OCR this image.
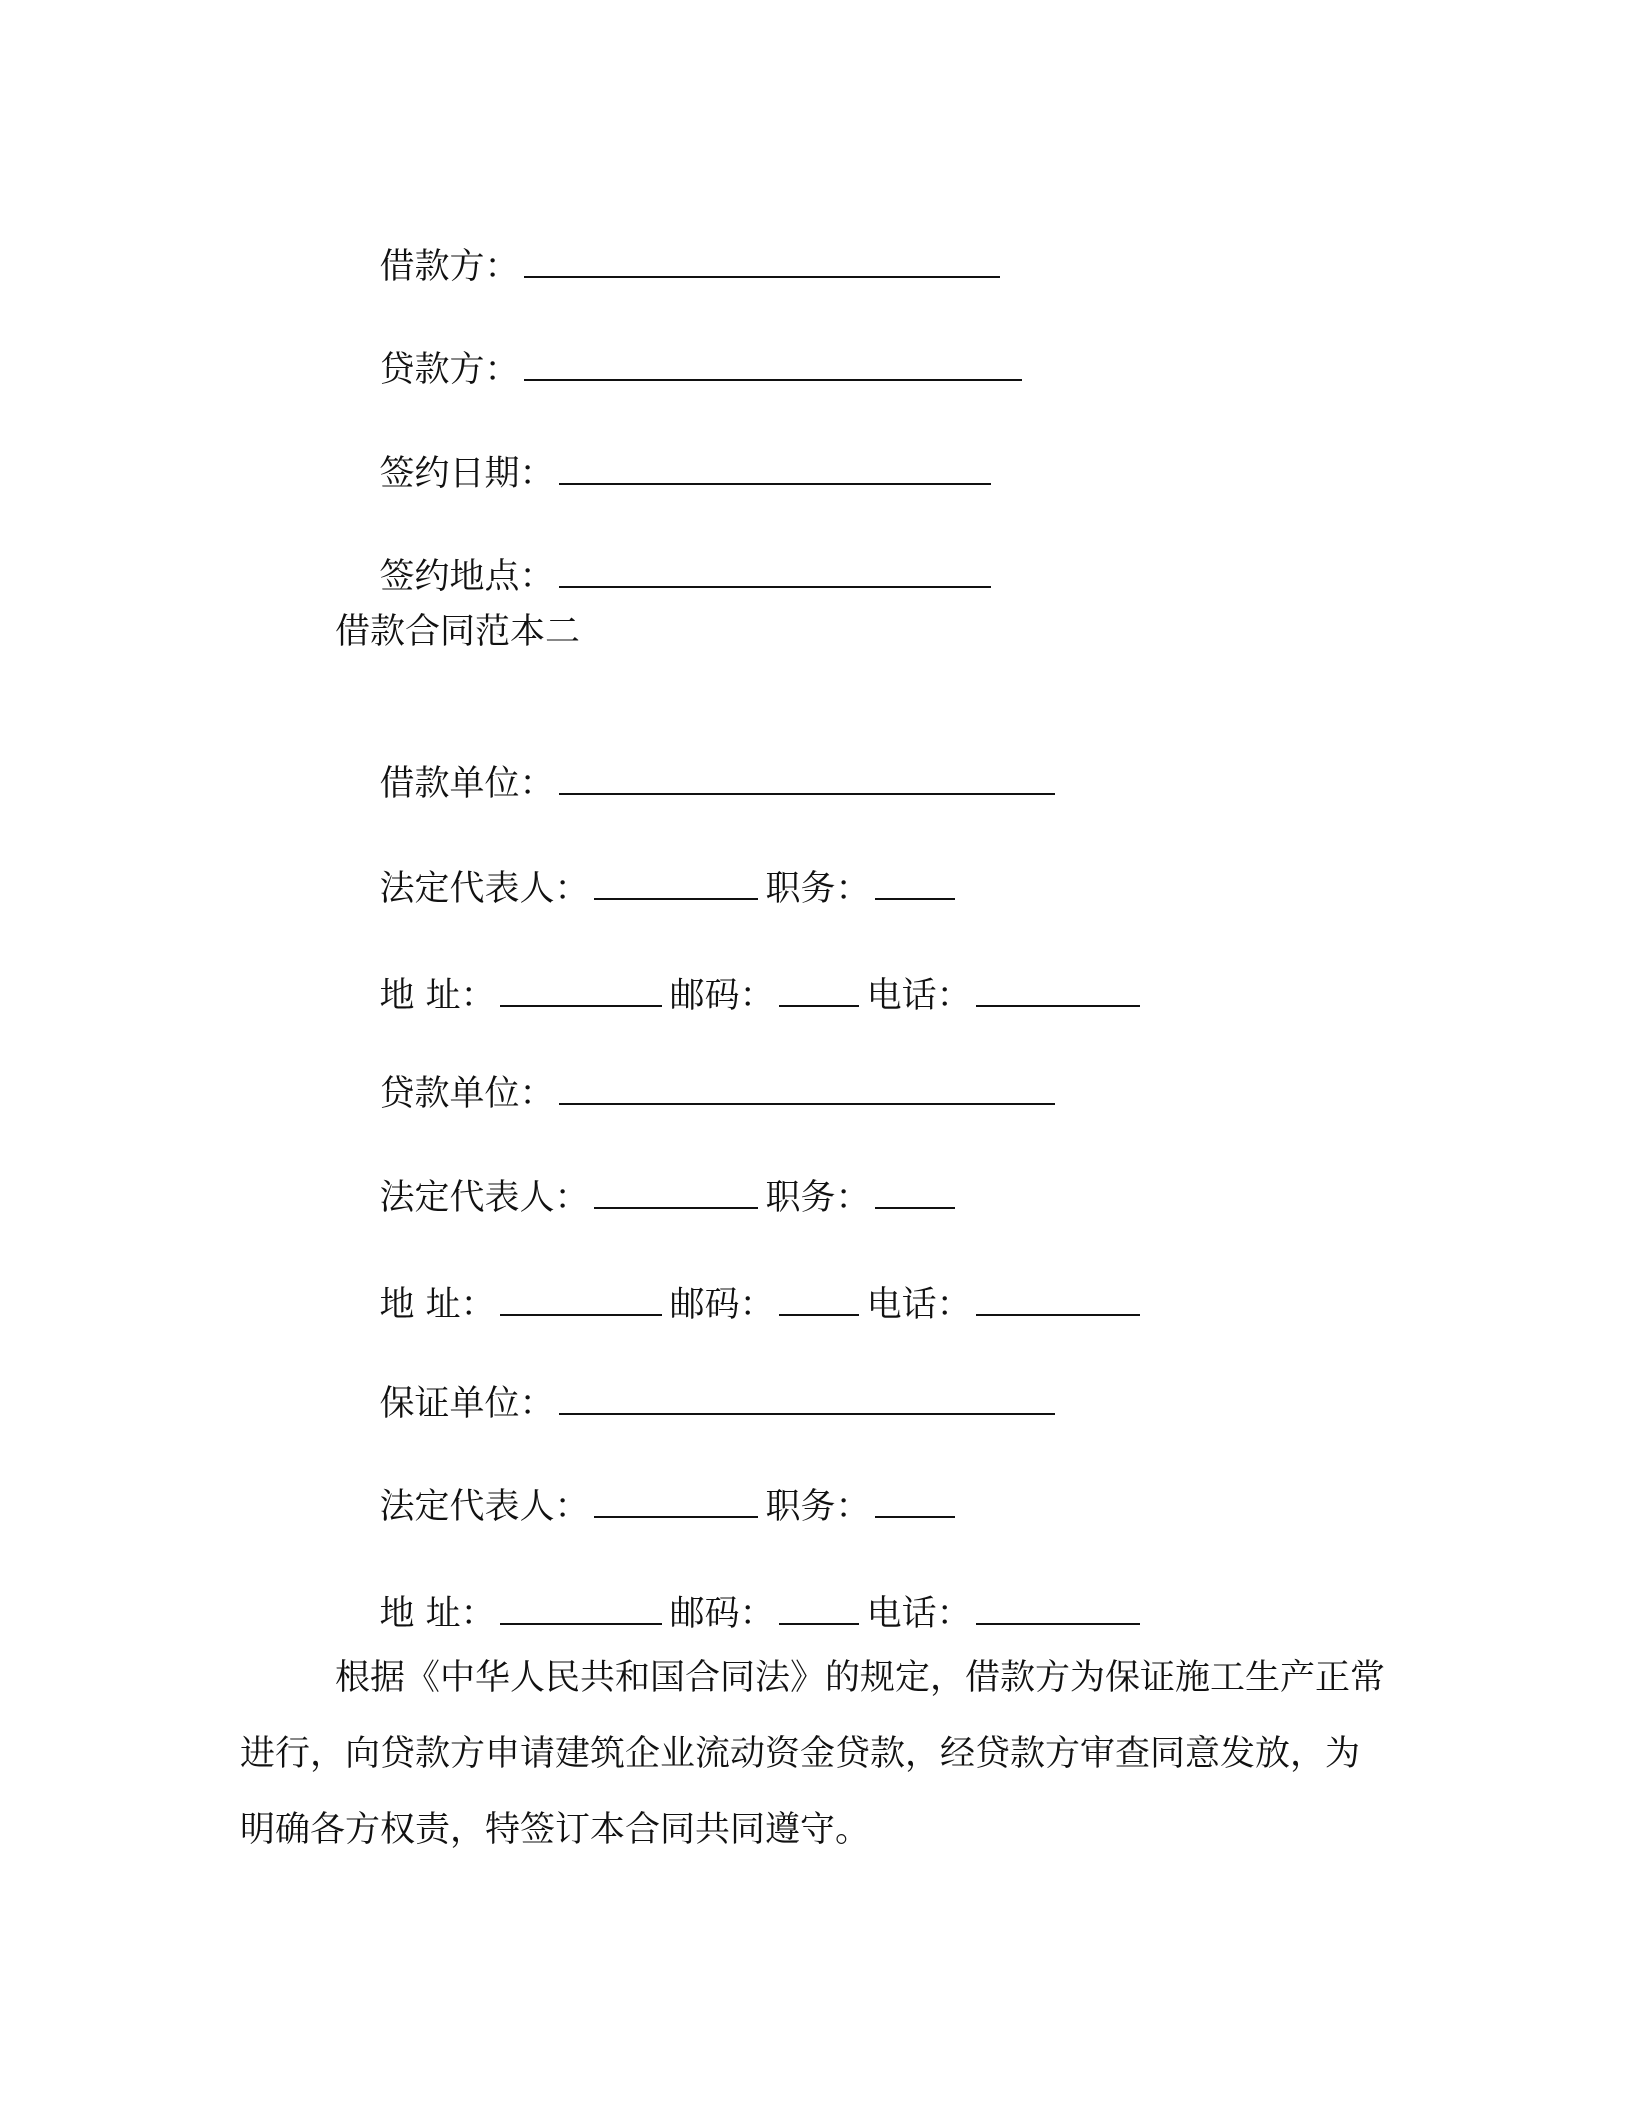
借款方：

贷款方：

签约日期：

签约地点：

借款合同范本二

借款单位：

法定代表人：	职务：

地 址：	邮码：	电话：

贷款单位：

法定代表人：	职务：

地 址：	邮码：	电话：

保证单位：

法定代表人：	职务：

地 址：	邮码：	电话：

根据《中华人民共和国合同法》的规定，借款方为保证施工生产正常进行，向贷款方申请建筑企业流动资金贷款，经贷款方审查同意发放，为明确各方权责，特签订本合同共同遵守。
